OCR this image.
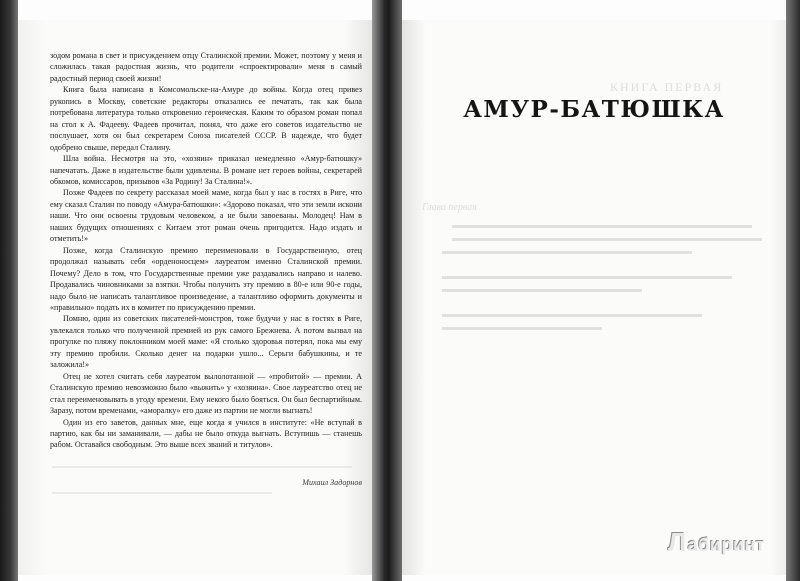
зодом романа в свет и присуждением отцу Сталинской премии. Может, поэтому у меня и сложилась такая радостная жизнь, что родители «спроектировали» меня в самый радостный период своей жизни!

Книга была написана в Комсомольске-на-Амуре до войны. Когда отец привез рукопись в Москву, советские редакторы отказались ее печатать, так как была потребована литература только откровенно героическая. Каким то образом роман попал на стол к А. Фадееву. Фадеев прочитал, понял, что даже его советов издательство не послушает, хотя он был секретарем Союза писателей СССР. В надежде, что будет одобрено свыше, передал Сталину.

Шла война. Несмотря на это, «хозяин» приказал немедленно «Амур-батюшку» напечатать. Даже в издательстве были удивлены. В романе нет героев войны, секретарей обкомов, комиссаров, призывов «За Родину! За Сталина!».

Позже Фадеев по секрету рассказал моей маме, когда был у нас в гостях в Риге, что ему сказал Сталин по поводу «Амура-батюшки»: «Здорово показал, что эти земли искони наши. Что они освоены трудовым человеком, а не были завоеваны. Молодец! Нам в наших будущих отношениях с Китаем этот роман очень пригодится. Надо издать и отметить!»

Позже, когда Сталинскую премию переименовали в Государственную, отец продолжал называть себя «орденоносцем» лауреатом именно Сталинской премии. Почему? Дело в том, что Государственные премии уже раздавались направо и налево. Продавались чиновниками за взятки. Чтобы получить эту премию в 80-е или 90-е годы, надо было не написать талантливое произведение, а талантливо оформить документы и «правильно» подать их в комитет по присуждению премии.

Помню, один из советских писателей-монстров, тоже будучи у нас в гостях в Риге, увлекался только что полученной премией из рук самого Брежнева. А потом вызвал на прогулке по пляжу поклонником моей маме: «Я столько здоровья потерял, пока мы ему эту премию пробили. Сколько денег на подарки ушло... Серьги бабушкины, и те заложила!»

Отец не хотел считать себя лауреатом вылолотанной — «пробитой» — премии. А Сталинскую премию невозможно было «выжить» у «хозяина». Свое лауреатство отец не стал переименовывать в угоду времени. Ему некого было бояться. Он был беспартийным. Заразу, потом временами, «аморалку» его даже из партии не могли выгнать!

Один из его заветов, данных мне, еще когда я учился в институте: «Не вступай в партию, как бы ни заманивали, — дабы не было откуда выгнать. Вступишь — станешь рабом. Оставайся свободным. Это выше всех званий и титулов».

Михаил Задорнов
КНИГА ПЕРВАЯ
Глава первая
АМУР-БАТЮШКА
Лабиринт
